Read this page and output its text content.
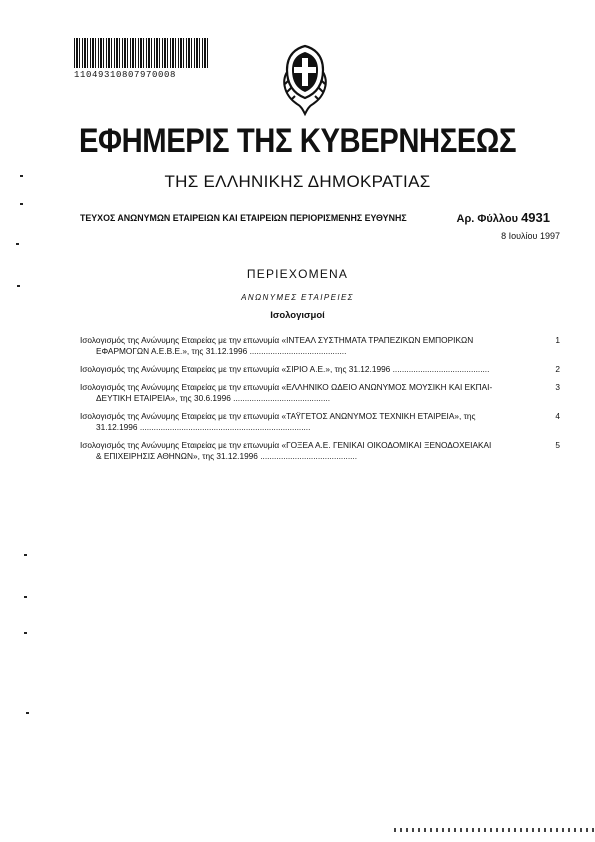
11049310807970008
ΕΦΗΜΕΡΙΣ ΤΗΣ ΚΥΒΕΡΝΗΣΕΩΣ
ΤΗΣ ΕΛΛΗΝΙΚΗΣ ΔΗΜΟΚΡΑΤΙΑΣ
ΤΕΥΧΟΣ ΑΝΩΝΥΜΩΝ ΕΤΑΙΡΕΙΩΝ ΚΑΙ ΕΤΑΙΡΕΙΩΝ ΠΕΡΙΟΡΙΣΜΕΝΗΣ ΕΥΘΥΝΗΣ	Αρ. Φύλλου 4931
8 Ιουλίου 1997
ΠΕΡΙΕΧΟΜΕΝΑ
ΑΝΩΝΥΜΕΣ ΕΤΑΙΡΕΙΕΣ
Ισολογισμοί
Ισολογισμός της Ανώνυμης Εταιρείας με την επωνυμία «ΙΝΤΕΑΛ ΣΥΣΤΗΜΑΤΑ ΤΡΑΠΕΖΙΚΩΝ ΕΜΠΟΡΙΚΩΝ
ΕΦΑΡΜΟΓΩΝ Α.Ε.Β.Ε.», της 31.12.1996 ..........................................
1
Ισολογισμός της Ανώνυμης Εταιρείας με την επωνυμία «ΣΙΡΙΟ Α.Ε.», της 31.12.1996 ..........................................	2
Ισολογισμός της Ανώνυμης Εταιρείας με την επωνυμία «ΕΛΛΗΝΙΚΟ ΩΔΕΙΟ ΑΝΩΝΥΜΟΣ ΜΟΥΣΙΚΗ ΚΑΙ ΕΚΠΑΙ-
ΔΕΥΤΙΚΗ ΕΤΑΙΡΕΙΑ», της 30.6.1996 ..........................................
3
Ισολογισμός της Ανώνυμης Εταιρείας με την επωνυμία «ΤΑΫΓΕΤΟΣ ΑΝΩΝΥΜΟΣ ΤΕΧΝΙΚΗ ΕΤΑΙΡΕΙΑ», της
31.12.1996 ..........................................................................
4
Ισολογισμός της Ανώνυμης Εταιρείας με την επωνυμία «ΓΟΞΕΑ Α.Ε. ΓΕΝΙΚΑΙ ΟΙΚΟΔΟΜΙΚΑΙ ΞΕΝΟΔΟΧΕΙΑΚΑΙ
& ΕΠΙΧΕΙΡΗΣΙΣ ΑΘΗΝΩΝ», της 31.12.1996 ..........................................
5
